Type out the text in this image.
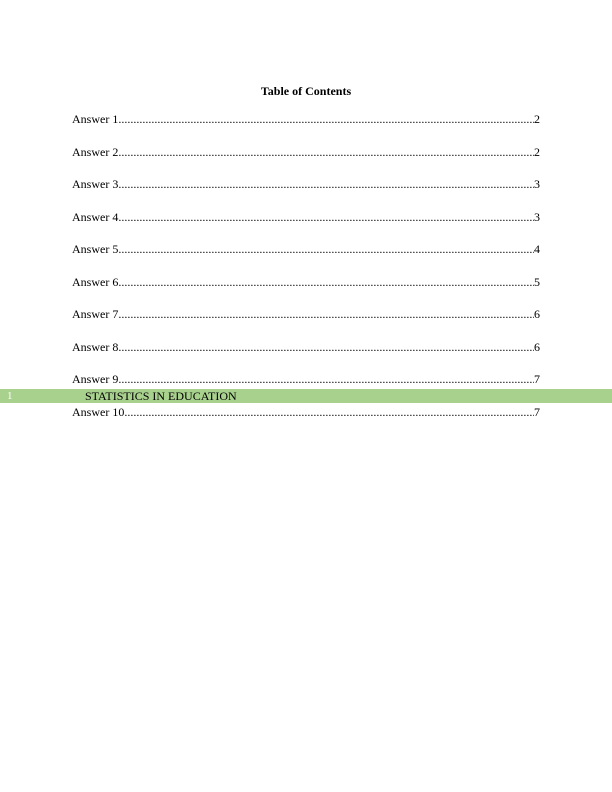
Table of Contents
Answer 1 .....	2
Answer 2 .....	2
Answer 3 .....	3
Answer 4 .....	3
Answer 5 .....	4
Answer 6 .....	5
Answer 7 .....	6
Answer 8 .....	6
Answer 9 .....	7
1	STATISTICS IN EDUCATION
Answer 10 .....	7
